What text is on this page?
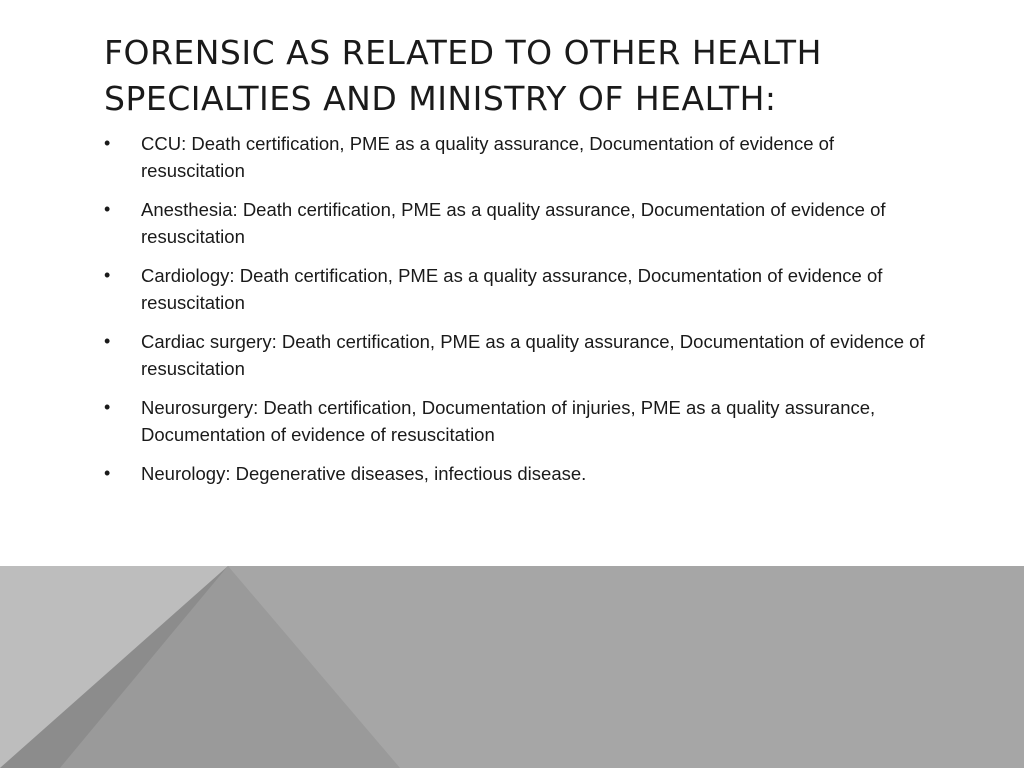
FORENSIC AS RELATED TO OTHER HEALTH SPECIALTIES AND MINISTRY OF HEALTH:
•	CCU: Death certification, PME as a quality assurance, Documentation of evidence of resuscitation
•	Anesthesia: Death certification, PME as a quality assurance, Documentation of evidence of resuscitation
•	Cardiology: Death certification, PME as a quality assurance, Documentation of evidence of resuscitation
•	Cardiac surgery: Death certification, PME as a quality assurance, Documentation of evidence of resuscitation
•	Neurosurgery: Death certification, Documentation of injuries, PME as a quality assurance, Documentation of evidence of resuscitation
•	Neurology: Degenerative diseases, infectious disease.
